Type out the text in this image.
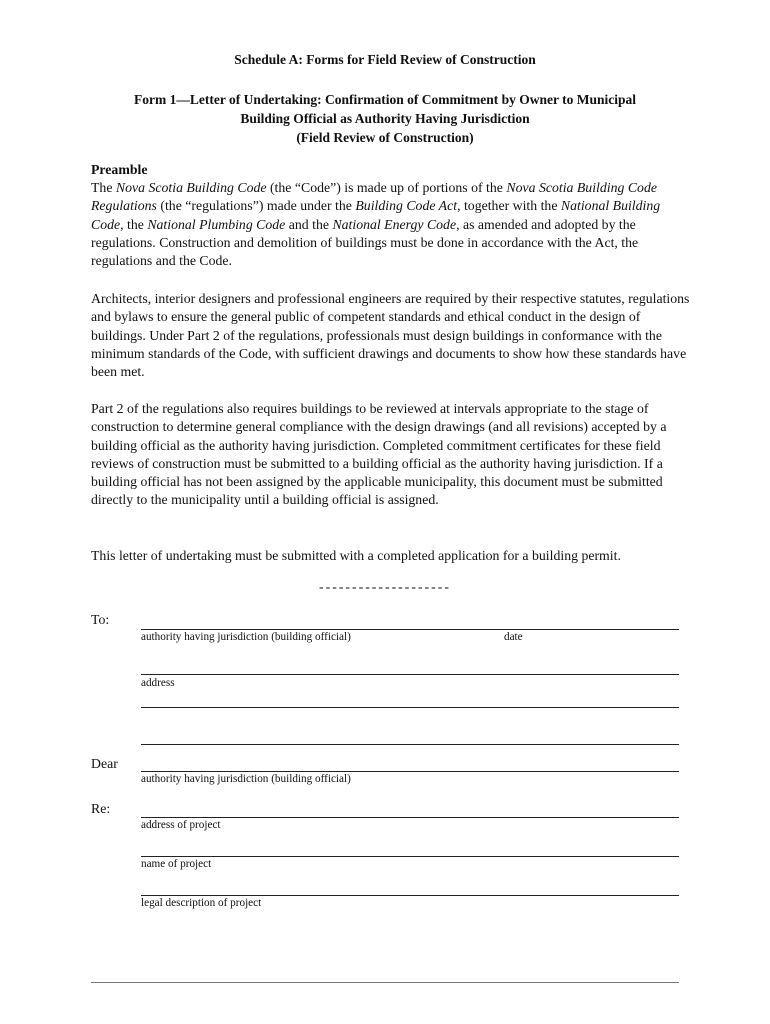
Schedule A: Forms for Field Review of Construction
Form 1—Letter of Undertaking: Confirmation of Commitment by Owner to Municipal
Building Official as Authority Having Jurisdiction
(Field Review of Construction)
Preamble
The Nova Scotia Building Code (the “Code”) is made up of portions of the Nova Scotia Building Code Regulations (the “regulations”) made under the Building Code Act, together with the National Building Code, the National Plumbing Code and the National Energy Code, as amended and adopted by the regulations. Construction and demolition of buildings must be done in accordance with the Act, the regulations and the Code.
Architects, interior designers and professional engineers are required by their respective statutes, regulations and bylaws to ensure the general public of competent standards and ethical conduct in the design of buildings. Under Part 2 of the regulations, professionals must design buildings in conformance with the minimum standards of the Code, with sufficient drawings and documents to show how these standards have been met.
Part 2 of the regulations also requires buildings to be reviewed at intervals appropriate to the stage of construction to determine general compliance with the design drawings (and all revisions) accepted by a building official as the authority having jurisdiction. Completed commitment certificates for these field reviews of construction must be submitted to a building official as the authority having jurisdiction. If a building official has not been assigned by the applicable municipality, this document must be submitted directly to the municipality until a building official is assigned.
This letter of undertaking must be submitted with a completed application for a building permit.
--------------------
To:
authority having jurisdiction (building official)	date
address
Dear
authority having jurisdiction (building official)
Re:
address of project
name of project
legal description of project
